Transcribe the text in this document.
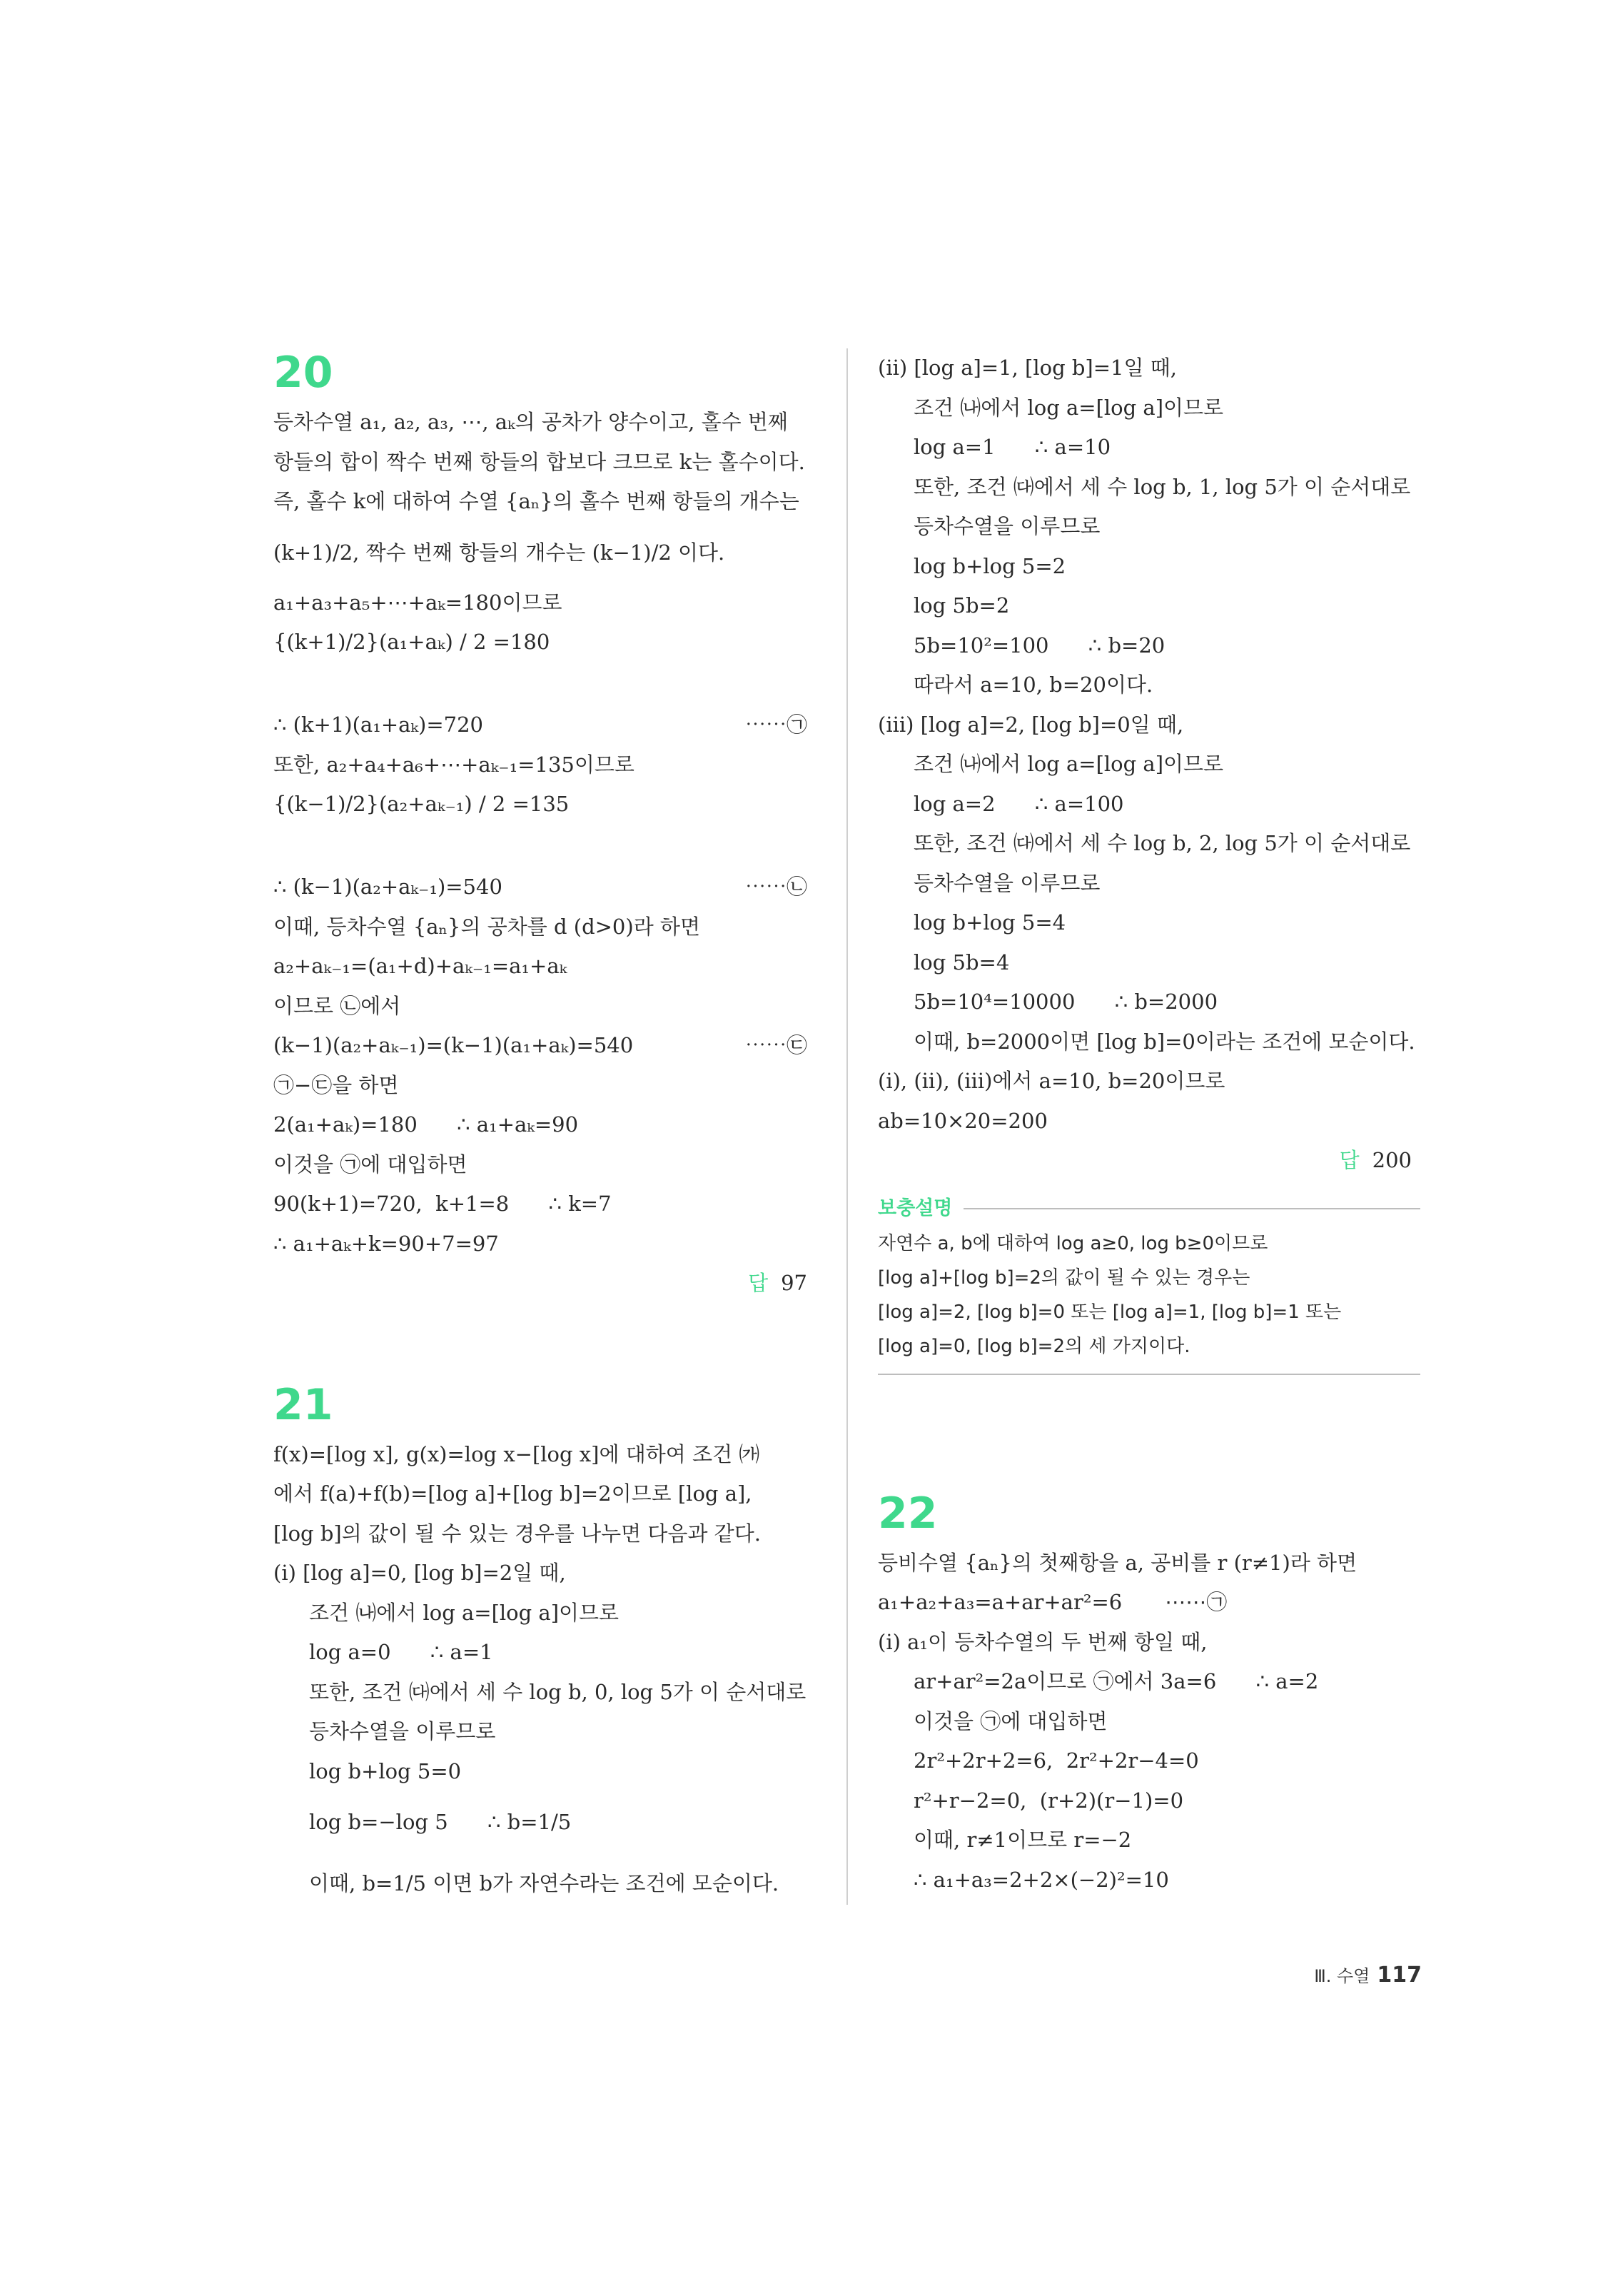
20
등차수열 a₁, a₂, a₃, ⋯, aₖ의 공차가 양수이고, 홀수 번째
항들의 합이 짝수 번째 항들의 합보다 크므로 k는 홀수이다.
즉, 홀수 k에 대하여 수열 {aₙ}의 홀수 번째 항들의 개수는
(k+1)/2, 짝수 번째 항들의 개수는 (k−1)/2 이다.
a₁+a₃+a₅+⋯+aₖ=180이므로
{(k+1)/2}(a₁+aₖ) / 2 =180
∴ (k+1)(a₁+aₖ)=720	⋯⋯㉠
또한, a₂+a₄+a₆+⋯+aₖ₋₁=135이므로
{(k−1)/2}(a₂+aₖ₋₁) / 2 =135
∴ (k−1)(a₂+aₖ₋₁)=540	⋯⋯㉡
이때, 등차수열 {aₙ}의 공차를 d (d>0)라 하면
a₂+aₖ₋₁=(a₁+d)+aₖ₋₁=a₁+aₖ
이므로 ㉡에서
(k−1)(a₂+aₖ₋₁)=(k−1)(a₁+aₖ)=540	⋯⋯㉢
㉠−㉢을 하면
2(a₁+aₖ)=180      ∴ a₁+aₖ=90
이것을 ㉠에 대입하면
90(k+1)=720,  k+1=8      ∴ k=7
∴ a₁+aₖ+k=90+7=97
답 97
21
f(x)=[log x], g(x)=log x−[log x]에 대하여 조건 ㈎
에서 f(a)+f(b)=[log a]+[log b]=2이므로 [log a],
[log b]의 값이 될 수 있는 경우를 나누면 다음과 같다.
(ⅰ) [log a]=0, [log b]=2일 때,
조건 ㈏에서 log a=[log a]이므로
log a=0      ∴ a=1
또한, 조건 ㈐에서 세 수 log b, 0, log 5가 이 순서대로
등차수열을 이루므로
log b+log 5=0
log b=−log 5      ∴ b=1/5
이때, b=1/5 이면 b가 자연수라는 조건에 모순이다.
(ⅱ) [log a]=1, [log b]=1일 때,
조건 ㈏에서 log a=[log a]이므로
log a=1      ∴ a=10
또한, 조건 ㈐에서 세 수 log b, 1, log 5가 이 순서대로
등차수열을 이루므로
log b+log 5=2
log 5b=2
5b=10²=100      ∴ b=20
따라서 a=10, b=20이다.
(ⅲ) [log a]=2, [log b]=0일 때,
조건 ㈏에서 log a=[log a]이므로
log a=2      ∴ a=100
또한, 조건 ㈐에서 세 수 log b, 2, log 5가 이 순서대로
등차수열을 이루므로
log b+log 5=4
log 5b=4
5b=10⁴=10000      ∴ b=2000
이때, b=2000이면 [log b]=0이라는 조건에 모순이다.
(ⅰ), (ⅱ), (ⅲ)에서 a=10, b=20이므로
ab=10×20=200
답 200
보충설명
자연수 a, b에 대하여 log a≥0, log b≥0이므로
[log a]+[log b]=2의 값이 될 수 있는 경우는
[log a]=2, [log b]=0 또는 [log a]=1, [log b]=1 또는
[log a]=0, [log b]=2의 세 가지이다.
22
등비수열 {aₙ}의 첫째항을 a, 공비를 r (r≠1)라 하면
a₁+a₂+a₃=a+ar+ar²=6 ⋯⋯㉠
(ⅰ) a₁이 등차수열의 두 번째 항일 때,
ar+ar²=2a이므로 ㉠에서 3a=6      ∴ a=2
이것을 ㉠에 대입하면
2r²+2r+2=6,  2r²+2r−4=0
r²+r−2=0,  (r+2)(r−1)=0
이때, r≠1이므로 r=−2
∴ a₁+a₃=2+2×(−2)²=10
Ⅲ. 수열 117
